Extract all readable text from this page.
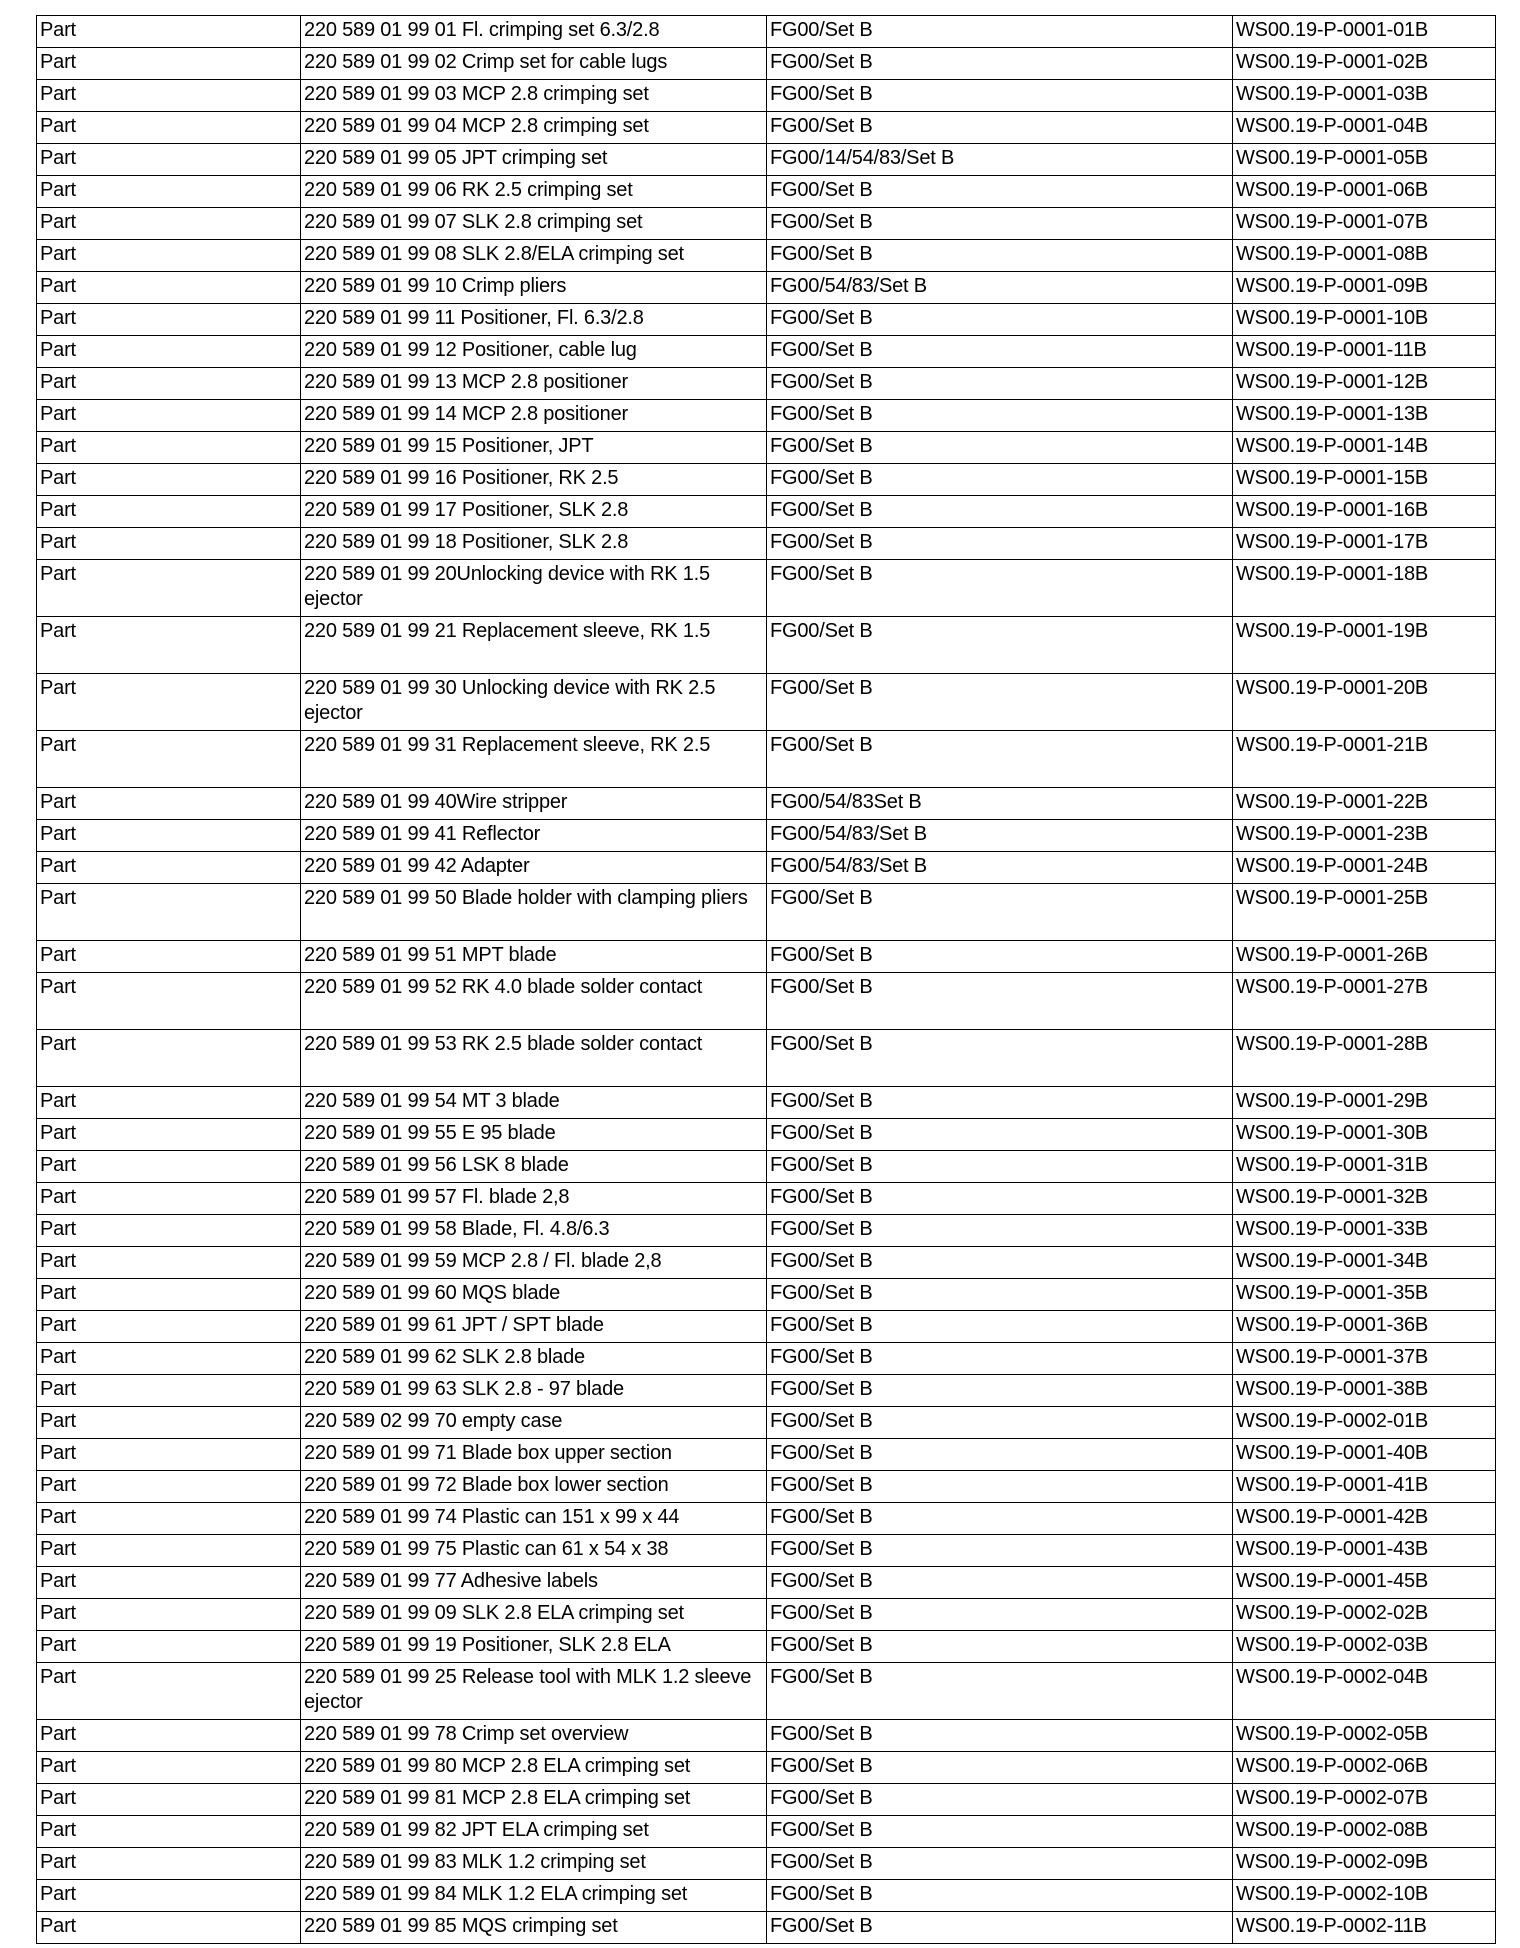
Part	220 589 01 99 01 Fl. crimping set 6.3/2.8	FG00/Set B	WS00.19-P-0001-01B
Part	220 589 01 99 02 Crimp set for cable lugs	FG00/Set B	WS00.19-P-0001-02B
Part	220 589 01 99 03 MCP 2.8 crimping set	FG00/Set B	WS00.19-P-0001-03B
Part	220 589 01 99 04 MCP 2.8 crimping set	FG00/Set B	WS00.19-P-0001-04B
Part	220 589 01 99 05 JPT crimping set	FG00/14/54/83/Set B	WS00.19-P-0001-05B
Part	220 589 01 99 06 RK 2.5 crimping set	FG00/Set B	WS00.19-P-0001-06B
Part	220 589 01 99 07 SLK 2.8 crimping set	FG00/Set B	WS00.19-P-0001-07B
Part	220 589 01 99 08 SLK 2.8/ELA crimping set	FG00/Set B	WS00.19-P-0001-08B
Part	220 589 01 99 10 Crimp pliers	FG00/54/83/Set B	WS00.19-P-0001-09B
Part	220 589 01 99 11 Positioner, Fl. 6.3/2.8	FG00/Set B	WS00.19-P-0001-10B
Part	220 589 01 99 12 Positioner, cable lug	FG00/Set B	WS00.19-P-0001-11B
Part	220 589 01 99 13 MCP 2.8 positioner	FG00/Set B	WS00.19-P-0001-12B
Part	220 589 01 99 14 MCP 2.8 positioner	FG00/Set B	WS00.19-P-0001-13B
Part	220 589 01 99 15 Positioner, JPT	FG00/Set B	WS00.19-P-0001-14B
Part	220 589 01 99 16 Positioner, RK 2.5	FG00/Set B	WS00.19-P-0001-15B
Part	220 589 01 99 17 Positioner, SLK 2.8	FG00/Set B	WS00.19-P-0001-16B
Part	220 589 01 99 18 Positioner, SLK 2.8	FG00/Set B	WS00.19-P-0001-17B
Part	220 589 01 99 20Unlocking device with RK 1.5 ejector	FG00/Set B	WS00.19-P-0001-18B
Part	220 589 01 99 21 Replacement sleeve, RK 1.5	FG00/Set B	WS00.19-P-0001-19B
Part	220 589 01 99 30 Unlocking device with RK 2.5 ejector	FG00/Set B	WS00.19-P-0001-20B
Part	220 589 01 99 31 Replacement sleeve, RK 2.5	FG00/Set B	WS00.19-P-0001-21B
Part	220 589 01 99 40Wire stripper	FG00/54/83Set B	WS00.19-P-0001-22B
Part	220 589 01 99 41 Reflector	FG00/54/83/Set B	WS00.19-P-0001-23B
Part	220 589 01 99 42 Adapter	FG00/54/83/Set B	WS00.19-P-0001-24B
Part	220 589 01 99 50 Blade holder with clamping pliers	FG00/Set B	WS00.19-P-0001-25B
Part	220 589 01 99 51 MPT blade	FG00/Set B	WS00.19-P-0001-26B
Part	220 589 01 99 52 RK 4.0 blade solder contact	FG00/Set B	WS00.19-P-0001-27B
Part	220 589 01 99 53 RK 2.5 blade solder contact	FG00/Set B	WS00.19-P-0001-28B
Part	220 589 01 99 54 MT 3 blade	FG00/Set B	WS00.19-P-0001-29B
Part	220 589 01 99 55 E 95 blade	FG00/Set B	WS00.19-P-0001-30B
Part	220 589 01 99 56 LSK 8 blade	FG00/Set B	WS00.19-P-0001-31B
Part	220 589 01 99 57 Fl. blade 2,8	FG00/Set B	WS00.19-P-0001-32B
Part	220 589 01 99 58 Blade, Fl. 4.8/6.3	FG00/Set B	WS00.19-P-0001-33B
Part	220 589 01 99 59 MCP 2.8 / Fl. blade 2,8	FG00/Set B	WS00.19-P-0001-34B
Part	220 589 01 99 60 MQS blade	FG00/Set B	WS00.19-P-0001-35B
Part	220 589 01 99 61 JPT / SPT blade	FG00/Set B	WS00.19-P-0001-36B
Part	220 589 01 99 62 SLK 2.8 blade	FG00/Set B	WS00.19-P-0001-37B
Part	220 589 01 99 63 SLK 2.8 - 97 blade	FG00/Set B	WS00.19-P-0001-38B
Part	220 589 02 99 70 empty case	FG00/Set B	WS00.19-P-0002-01B
Part	220 589 01 99 71 Blade box upper section	FG00/Set B	WS00.19-P-0001-40B
Part	220 589 01 99 72 Blade box lower section	FG00/Set B	WS00.19-P-0001-41B
Part	220 589 01 99 74 Plastic can 151 x 99 x 44	FG00/Set B	WS00.19-P-0001-42B
Part	220 589 01 99 75 Plastic can 61 x 54 x 38	FG00/Set B	WS00.19-P-0001-43B
Part	220 589 01 99 77 Adhesive labels	FG00/Set B	WS00.19-P-0001-45B
Part	220 589 01 99 09 SLK 2.8 ELA crimping set	FG00/Set B	WS00.19-P-0002-02B
Part	220 589 01 99 19 Positioner, SLK 2.8 ELA	FG00/Set B	WS00.19-P-0002-03B
Part	220 589 01 99 25 Release tool with MLK 1.2 sleeve ejector	FG00/Set B	WS00.19-P-0002-04B
Part	220 589 01 99 78 Crimp set overview	FG00/Set B	WS00.19-P-0002-05B
Part	220 589 01 99 80 MCP 2.8 ELA crimping set	FG00/Set B	WS00.19-P-0002-06B
Part	220 589 01 99 81 MCP 2.8 ELA crimping set	FG00/Set B	WS00.19-P-0002-07B
Part	220 589 01 99 82 JPT ELA crimping set	FG00/Set B	WS00.19-P-0002-08B
Part	220 589 01 99 83 MLK 1.2 crimping set	FG00/Set B	WS00.19-P-0002-09B
Part	220 589 01 99 84 MLK 1.2 ELA crimping set	FG00/Set B	WS00.19-P-0002-10B
Part	220 589 01 99 85 MQS crimping set	FG00/Set B	WS00.19-P-0002-11B
